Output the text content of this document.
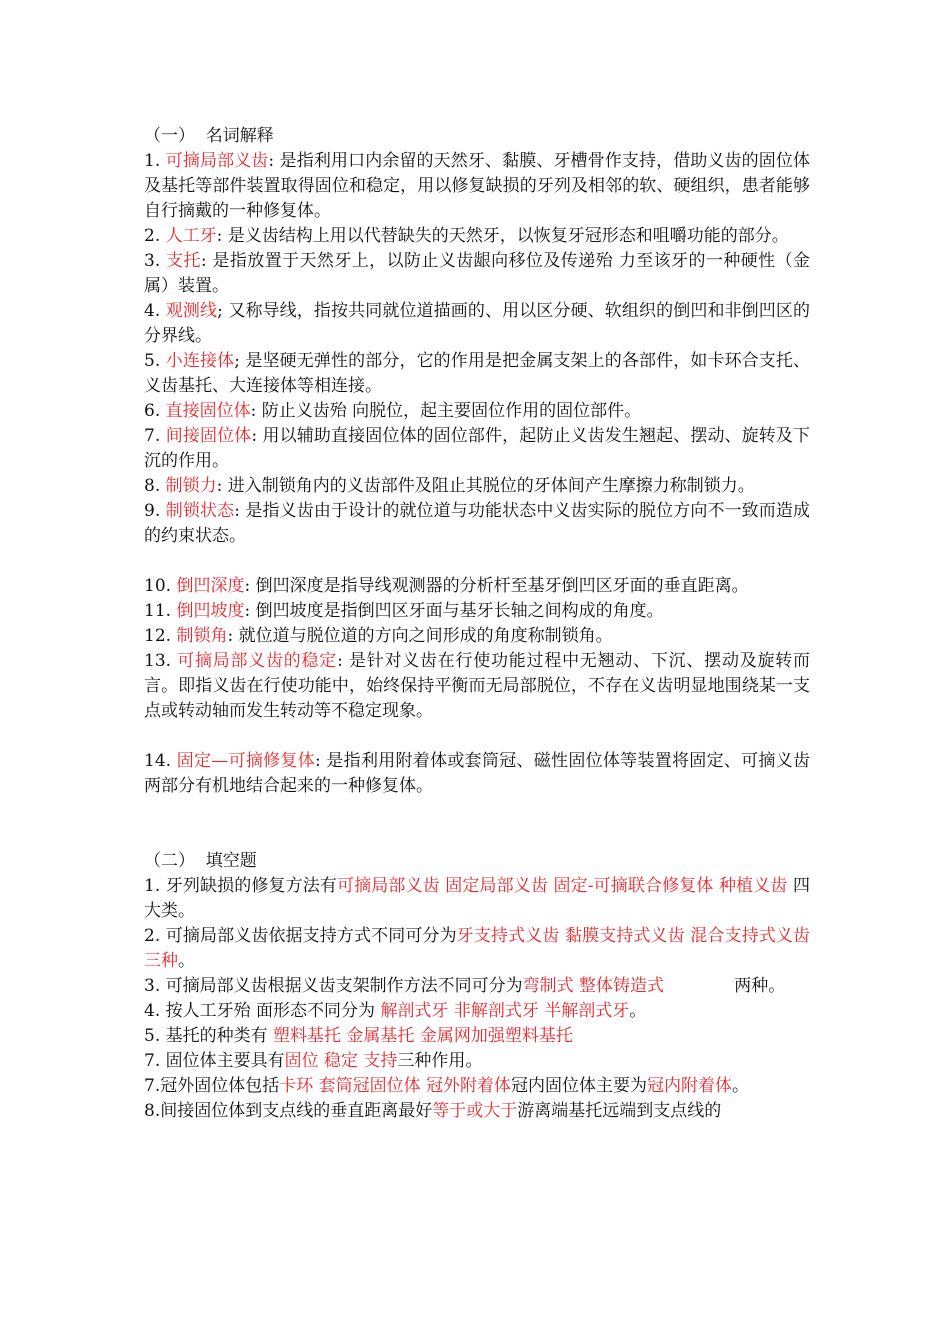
（一）  名词解释

1. 可摘局部义齿: 是指利用口内余留的天然牙、黏膜、牙槽骨作支持，借助义齿的固位体及基托等部件装置取得固位和稳定，用以修复缺损的牙列及相邻的软、硬组织，患者能够自行摘戴的一种修复体。

2. 人工牙: 是义齿结构上用以代替缺失的天然牙，以恢复牙冠形态和咀嚼功能的部分。

3. 支托: 是指放置于天然牙上，以防止义齿龈向移位及传递殆 力至该牙的一种硬性（金属）装置。

4. 观测线; 又称导线，指按共同就位道描画的、用以区分硬、软组织的倒凹和非倒凹区的分界线。

5. 小连接体; 是坚硬无弹性的部分，它的作用是把金属支架上的各部件，如卡环合支托、义齿基托、大连接体等相连接。

6. 直接固位体: 防止义齿殆 向脱位，起主要固位作用的固位部件。

7. 间接固位体: 用以辅助直接固位体的固位部件，起防止义齿发生翘起、摆动、旋转及下沉的作用。

8. 制锁力: 进入制锁角内的义齿部件及阻止其脱位的牙体间产生摩擦力称制锁力。

9. 制锁状态: 是指义齿由于设计的就位道与功能状态中义齿实际的脱位方向不一致而造成的约束状态。

10. 倒凹深度: 倒凹深度是指导线观测器的分析杆至基牙倒凹区牙面的垂直距离。

11. 倒凹坡度: 倒凹坡度是指倒凹区牙面与基牙长轴之间构成的角度。

12. 制锁角: 就位道与脱位道的方向之间形成的角度称制锁角。

13. 可摘局部义齿的稳定: 是针对义齿在行使功能过程中无翘动、下沉、摆动及旋转而言。即指义齿在行使功能中，始终保持平衡而无局部脱位，不存在义齿明显地围绕某一支点或转动轴而发生转动等不稳定现象。

14. 固定—可摘修复体: 是指利用附着体或套筒冠、磁性固位体等装置将固定、可摘义齿两部分有机地结合起来的一种修复体。

（二）  填空题

1. 牙列缺损的修复方法有可摘局部义齿 固定局部义齿 固定-可摘联合修复体 种植义齿 四大类。

2. 可摘局部义齿依据支持方式不同可分为牙支持式义齿 黏膜支持式义齿 混合支持式义齿三种。

3. 可摘局部义齿根据义齿支架制作方法不同可分为弯制式 整体铸造式             两种。

4. 按人工牙殆 面形态不同分为 解剖式牙 非解剖式牙 半解剖式牙。

5. 基托的种类有 塑料基托 金属基托 金属网加强塑料基托

7. 固位体主要具有固位 稳定 支持三种作用。

7.冠外固位体包括卡环 套筒冠固位体 冠外附着体冠内固位体主要为冠内附着体。

8.间接固位体到支点线的垂直距离最好等于或大于游离端基托远端到支点线的
